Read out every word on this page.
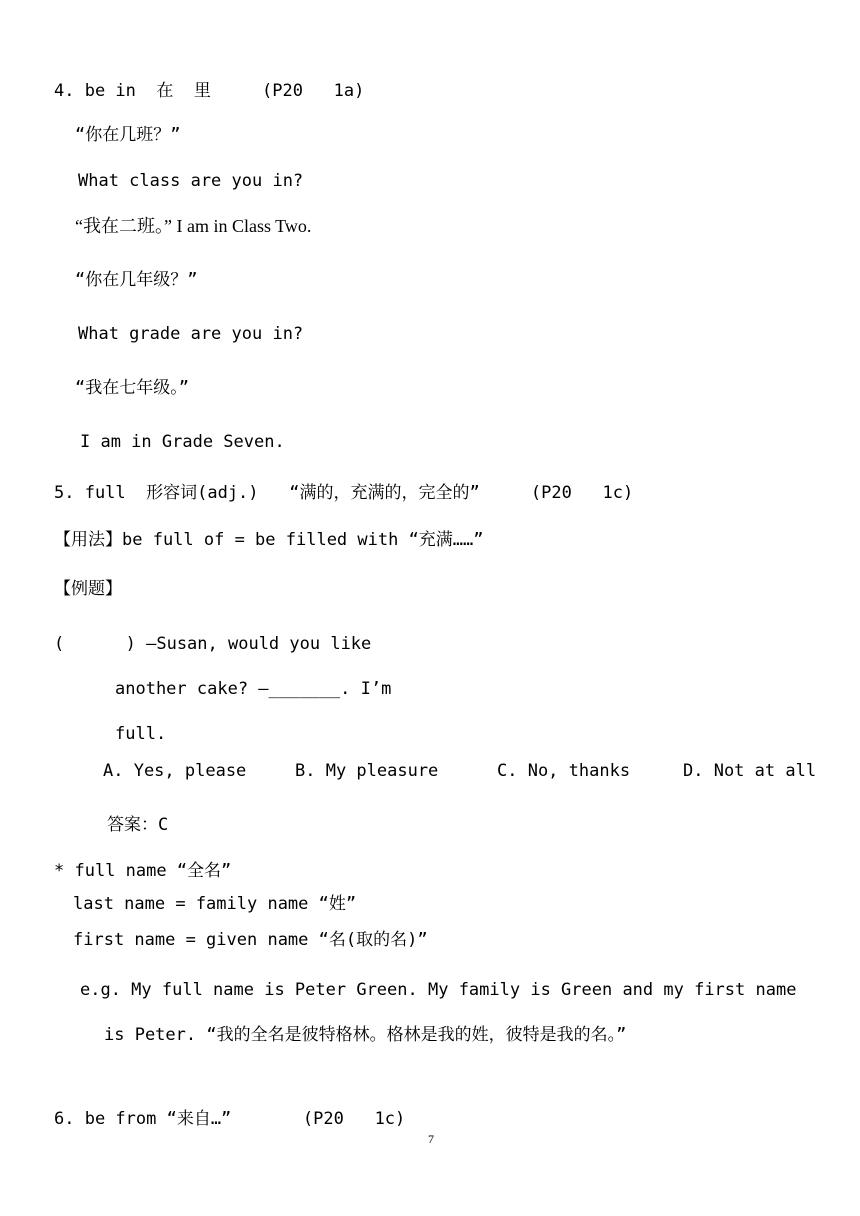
4. be in  在  里     (P20   1a)
“你在几班？”
What class are you in?
“我在二班。” I am in Class Two.
“你在几年级？”
What grade are you in?
“我在七年级。”
I am in Grade Seven.
5. full  形容词(adj.)   “满的，充满的，完全的”     (P20   1c)
【用法】be full of = be filled with “充满……”
【例题】
(      ) —Susan, would you like
another cake? —_______. I’m
full.
A. Yes, please	B. My pleasure	C. No, thanks	D. Not at all
答案：C
* full name “全名”
last name = family name “姓”
first name = given name “名(取的名)”
e.g. My full name is Peter Green. My family is Green and my first name
is Peter. “我的全名是彼特格林。格林是我的姓，彼特是我的名。”
6. be from “来自…”       (P20   1c)
7
